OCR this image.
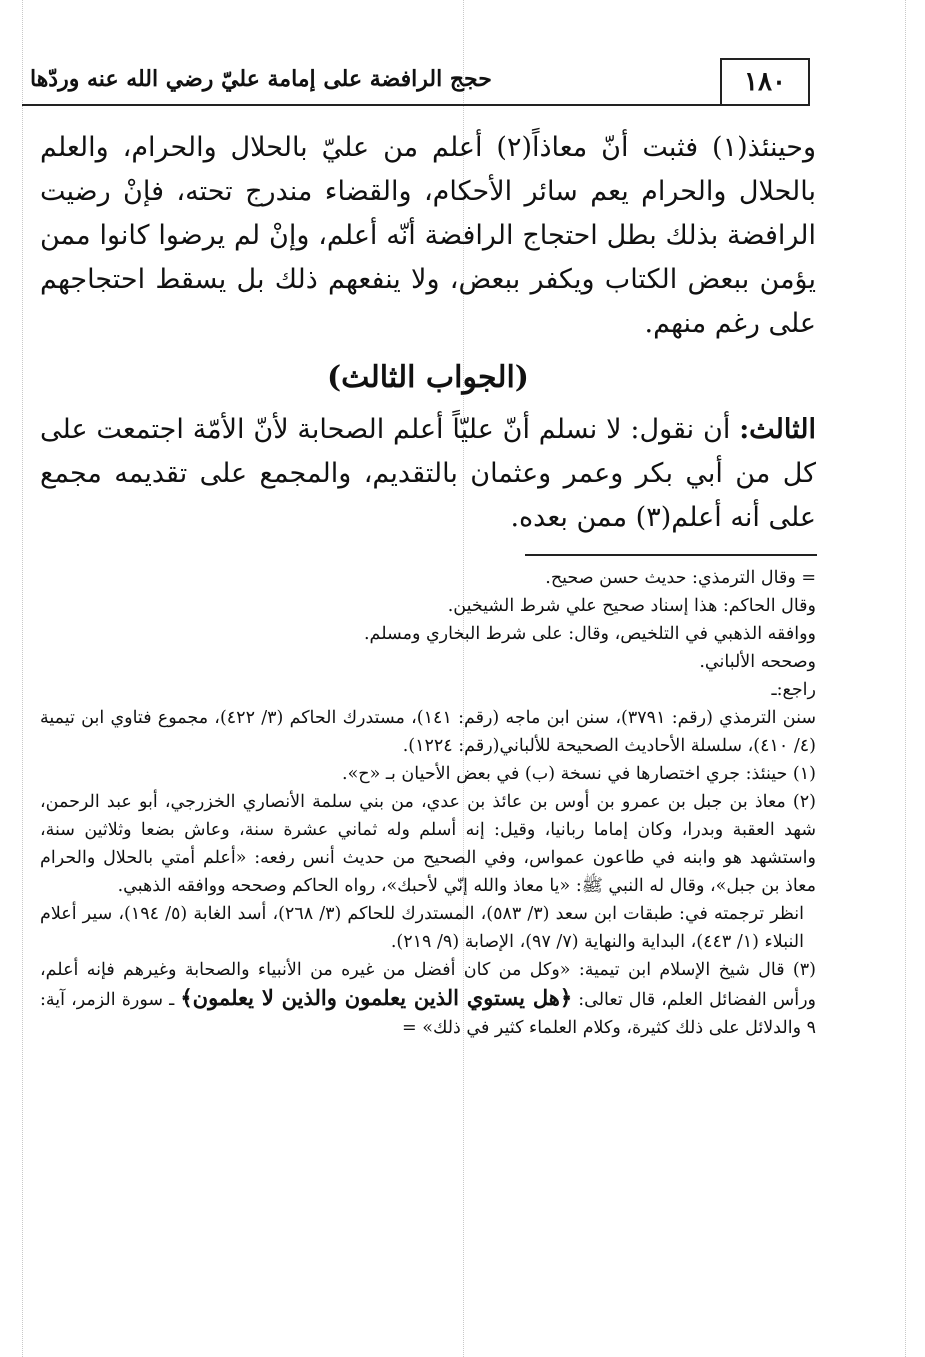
١٨٠
حجج الرافضة على إمامة عليّ رضي الله عنه وردّها
وحينئذ(١) فثبت أنّ معاذاً(٢) أعلم من عليّ بالحلال والحرام، والعلم بالحلال والحرام يعم سائر الأحكام، والقضاء مندرج تحته، فإنْ رضيت الرافضة بذلك بطل احتجاج الرافضة أنّه أعلم، وإنْ لم يرضوا كانوا ممن يؤمن ببعض الكتاب ويكفر ببعض، ولا ينفعهم ذلك بل يسقط احتجاجهم على رغم منهم.
(الجواب الثالث)
الثالث: أن نقول: لا نسلم أنّ عليّاً أعلم الصحابة لأنّ الأمّة اجتمعت على كل من أبي بكر وعمر وعثمان بالتقديم، والمجمع على تقديمه مجمع على أنه أعلم(٣) ممن بعده.
= وقال الترمذي: حديث حسن صحيح.
وقال الحاكم: هذا إسناد صحيح علي شرط الشيخين.
ووافقه الذهبي في التلخيص، وقال: على شرط البخاري ومسلم.
وصححه الألباني.
راجع:ـ
سنن الترمذي (رقم: ٣٧٩١)، سنن ابن ماجه (رقم: ١٤١)، مستدرك الحاكم (٣/ ٤٢٢)، مجموع فتاوي ابن تيمية (٤/ ٤١٠)، سلسلة الأحاديث الصحيحة للألباني(رقم: ١٢٢٤).
(١) حينئذ: جري اختصارها في نسخة (ب) في بعض الأحيان بـ «ح».
(٢) معاذ بن جبل بن عمرو بن أوس بن عائذ بن عدي، من بني سلمة الأنصاري الخزرجي، أبو عبد الرحمن، شهد العقبة وبدرا، وكان إماما ربانيا، وقيل: إنه أسلم وله ثماني عشرة سنة، وعاش بضعا وثلاثين سنة، واستشهد هو وابنه في طاعون عمواس، وفي الصحيح من حديث أنس رفعه: «أعلم أمتي بالحلال والحرام معاذ بن جبل»، وقال له النبي ﷺ: «يا معاذ والله إنّي لأحبك»، رواه الحاكم وصححه ووافقه الذهبي.
انظر ترجمته في: طبقات ابن سعد (٣/ ٥٨٣)، المستدرك للحاكم (٣/ ٢٦٨)، أسد الغابة (٥/ ١٩٤)، سير أعلام النبلاء (١/ ٤٤٣)، البداية والنهاية (٧/ ٩٧)، الإصابة (٩/ ٢١٩).
(٣) قال شيخ الإسلام ابن تيمية: «وكل من كان أفضل من غيره من الأنبياء والصحابة وغيرهم فإنه أعلم، ورأس الفضائل العلم، قال تعالى: ﴿هل يستوي الذين يعلمون والذين لا يعلمون﴾ ـ سورة الزمر، آية: ٩ والدلائل على ذلك كثيرة، وكلام العلماء كثير في ذلك» =
